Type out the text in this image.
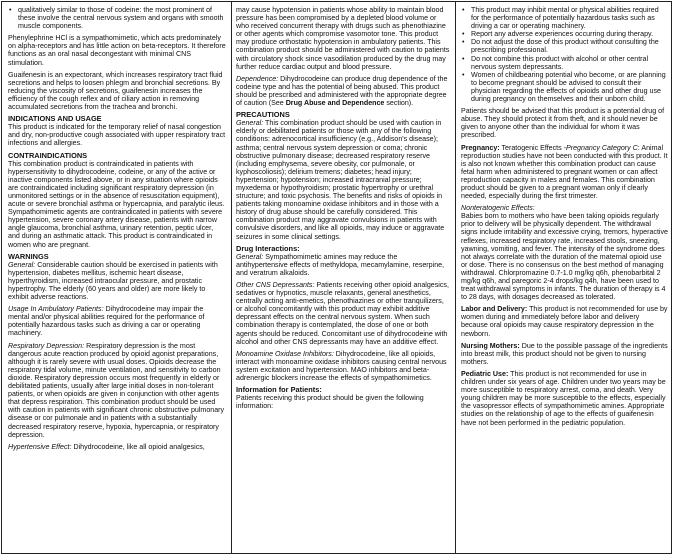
• qualitatively similar to those of codeine: the most prominent of these involve the central nervous system and organs with smooth muscle components.

Phenylephrine HCl is a sympathomimetic, which acts predominately on alpha-receptors and has little action on beta-receptors. It therefore functions as an oral nasal decongestant with minimal CNS stimulation.

Guaifenesin is an expectorant, which increases respiratory tract fluid secretions and helps to loosen phlegm and bronchial secretions. By reducing the viscosity of secretions, guaifenesin increases the efficiency of the cough reflex and of ciliary action in removing accumulated secretions from the trachea and bronchi.

INDICATIONS AND USAGE

This product is indicated for the temporary relief of nasal congestion and dry, non-productive cough associated with upper respiratory tract infections and allergies.

CONTRAINDICATIONS

This combination product is contraindicated in patients with hypersensitivity to dihydrocodeine, codeine, or any of the active or inactive components listed above, or in any situation where opioids are contraindicated including significant respiratory depression (in unmonitored settings or in the absence of resuscitation equipment), acute or severe bronchial asthma or hypercapnia, and paralytic ileus. Sympathomimetic agents are contraindicated in patients with severe hypertension, severe coronary artery disease, patients with narrow angle glaucoma, bronchial asthma, urinary retention, peptic ulcer, and during an asthmatic attack. This product is contraindicated in women who are pregnant.

WARNINGS

General: Considerable caution should be exercised in patients with hypertension, diabetes mellitus, ischemic heart disease, hyperthyroidism, increased intraocular pressure, and prostatic hypertrophy. The elderly (60 years and older) are more likely to exhibit adverse reactions.

Usage In Ambulatory Patients: Dihydrocodeine may impair the mental and/or physical abilities required for the performance of potentially hazardous tasks such as driving a car or operating machinery.

Respiratory Depression: Respiratory depression is the most dangerous acute reaction produced by opioid agonist preparations, although it is rarely severe with usual doses. Opioids decrease the respiratory tidal volume, minute ventilation, and sensitivity to carbon dioxide. Respiratory depression occurs most frequently in elderly or debilitated patients, usually after large initial doses in non-tolerant patients, or when opioids are given in conjunction with other agents that depress respiration. This combination product should be used with caution in patients with significant chronic obstructive pulmonary disease or cor pulmonale and in patients with a substantially decreased respiratory reserve, hypoxia, hypercapnia, or respiratory depression.

Hypertensive Effect: Dihydrocodeine, like all opioid analgesics,

may cause hypotension in patients whose ability to maintain blood pressure has been compromised by a depleted blood volume or who received concurrent therapy with drugs such as phenothiazine or other agents which compromise vasomotor tone. This product may produce orthostatic hypotension in ambulatory patients. This combination product should be administered with caution to patients with circulatory shock since vasodilation produced by the drug may further reduce cardiac output and blood pressure.

Dependence: Dihydrocodeine can produce drug dependence of the codeine type and has the potential of being abused. This product should be prescribed and administered with the appropriate degree of caution (See Drug Abuse and Dependence section).

PRECAUTIONS

General: This combination product should be used with caution in elderly or debilitated patients or those with any of the following conditions: adrenocortical insufficiency (e.g., Addison's disease); asthma; central nervous system depression or coma; chronic obstructive pulmonary disease; decreased respiratory reserve (including emphysema, severe obesity, cor pulmonale, or kyphoscoliosis); delirium tremens; diabetes; head injury; hypertension; hypotension; increased intracranial pressure; myxedema or hypothyroidism; prostatic hypertrophy or urethral structure; and toxic psychosis. The benefits and risks of opioids in patients taking monoamine oxidase inhibitors and in those with a history of drug abuse should be carefully considered. This combination product may aggravate convulsions in patients with convulsive disorders, and like all opioids, may induce or aggravate seizures in some clinical settings.

Drug Interactions:

General: Sympathomimetic amines may reduce the antihypertensive effects of methyldopa, mecamylamine, reserpine, and veratrum alkaloids.

Other CNS Depressants: Patients receiving other opioid analgesics, sedatives or hypnotics, muscle relaxants, general anesthetics, centrally acting anti-emetics, phenothiazines or other tranquilizers, or alcohol concomitantly with this product may exhibit additive depressant effects on the central nervous system. When such combination therapy is contemplated, the dose of one or both agents should be reduced. Concomitant use of dihydrocodeine with alcohol and other CNS depressants may have an additive effect.

Monoamine Oxidase Inhibitors: Dihydrocodeine, like all opioids, interact with monoamine oxidase inhibitors causing central nervous system excitation and hypertension. MAO inhibitors and beta-adrenergic blockers increase the effects of sympathomimetics.

Information for Patients:

Patients receiving this product should be given the following information:

• This product may inhibit mental or physical abilities required for the performance of potentially hazardous tasks such as driving a car or operating machinery.
• Report any adverse experiences occurring during therapy.
• Do not adjust the dose of this product without consulting the prescribing professional.
• Do not combine this product with alcohol or other central nervous system depressants.
• Women of childbearing potential who become, or are planning to become pregnant should be advised to consult their physician regarding the effects of opioids and other drug use during pregnancy on themselves and their unborn child.

Patients should be advised that this product is a potential drug of abuse. They should protect it from theft, and it should never be given to anyone other than the individual for whom it was prescribed.

Pregnancy: Teratogenic Effects -Pregnancy Category C: Animal reproduction studies have not been conducted with this product. It is also not known whether this combination product can cause fetal harm when administered to pregnant women or can affect reproduction capacity in males and females. This combination product should be given to a pregnant woman only if clearly needed, especially during the first trimester.

Nonteratogenic Effects:

Babies born to mothers who have been taking opioids regularly prior to delivery will be physically dependent. The withdrawal signs include irritability and excessive crying, tremors, hyperactive reflexes, increased respiratory rate, increased stools, sneezing, yawning, vomiting, and fever. The intensity of the syndrome does not always correlate with the duration of the maternal opioid use or dose. There is no consensus on the best method of managing withdrawal. Chlorpromazine 0.7-1.0 mg/kg q6h, phenobarbital 2 mg/kg q6h, and paregoric 2-4 drops/kg q4h, have been used to treat withdrawal symptoms in infants. The duration of therapy is 4 to 28 days, with dosages decreased as tolerated.

Labor and Delivery: This product is not recommended for use by women during and immediately before labor and delivery because oral opioids may cause respiratory depression in the newborn.

Nursing Mothers: Due to the possible passage of the ingredients into breast milk, this product should not be given to nursing mothers.

Pediatric Use: This product is not recommended for use in children under six years of age. Children under two years may be more susceptible to respiratory arrest, coma, and death. Very young children may be more susceptible to the effects, especially the vasopressor effects of sympathomimetic amines. Appropriate studies on the relationship of age to the effects of guaifenesin have not been performed in the pediatric population.
